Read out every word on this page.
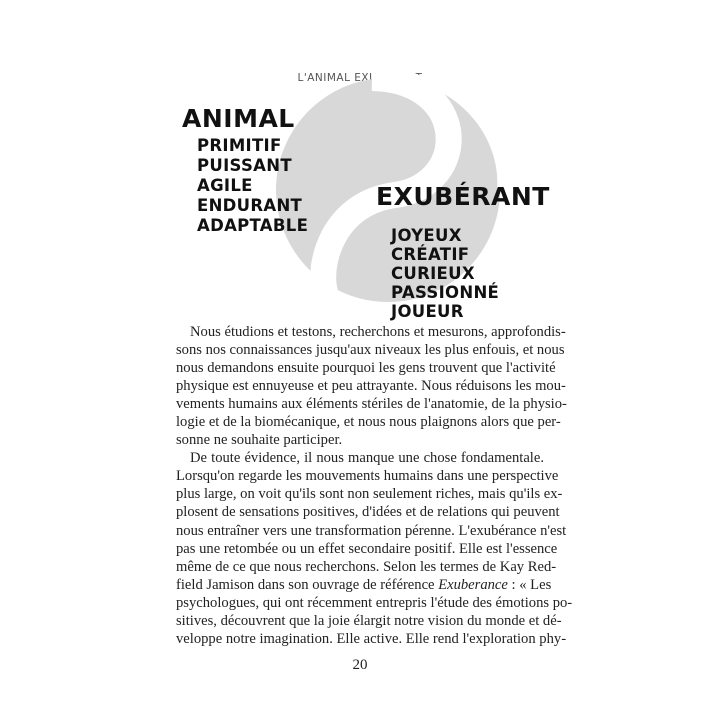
L'ANIMAL EXUBÉRANT
ANIMAL
PRIMITIF
PUISSANT
AGILE
ENDURANT
ADAPTABLE
EXUBÉRANT
JOYEUX
CRÉATIF
CURIEUX
PASSIONNÉ
JOUEUR
Nous étudions et testons, recherchons et mesurons, approfondis-
sons nos connaissances jusqu'aux niveaux les plus enfouis, et nous
nous demandons ensuite pourquoi les gens trouvent que l'activité
physique est ennuyeuse et peu attrayante. Nous réduisons les mou-
vements humains aux éléments stériles de l'anatomie, de la physio-
logie et de la biomécanique, et nous nous plaignons alors que per-
sonne ne souhaite participer.
De toute évidence, il nous manque une chose fondamentale.
Lorsqu'on regarde les mouvements humains dans une perspective
plus large, on voit qu'ils sont non seulement riches, mais qu'ils ex-
plosent de sensations positives, d'idées et de relations qui peuvent
nous entraîner vers une transformation pérenne. L'exubérance n'est
pas une retombée ou un effet secondaire positif. Elle est l'essence
même de ce que nous recherchons. Selon les termes de Kay Red-
field Jamison dans son ouvrage de référence Exuberance : « Les
psychologues, qui ont récemment entrepris l'étude des émotions po-
sitives, découvrent que la joie élargit notre vision du monde et dé-
veloppe notre imagination. Elle active. Elle rend l'exploration phy-
20
